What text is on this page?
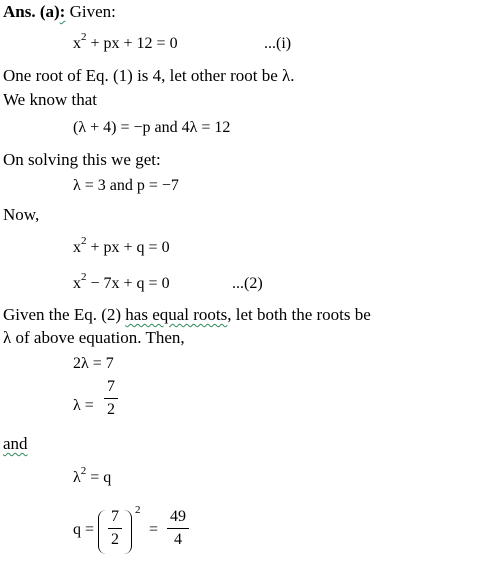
Ans. (a): Given:
$x^2$ + px + 12 = 0	...(i)
One root of Eq. (1) is 4, let other root be λ.
We know that
(λ + 4) = −p and 4λ = 12
On solving this we get:
λ = 3 and p = −7
Now,
$x^2$ + px + q = 0
$x^2 - 7x + q = 0$	...(2)
Given the Eq. (2) has equal roots, let both the roots be
λ of above equation. Then,
2λ = 7
λ =
7
2
and
$\lambda^2 = q$
q =
7
2
2
=
49
4
